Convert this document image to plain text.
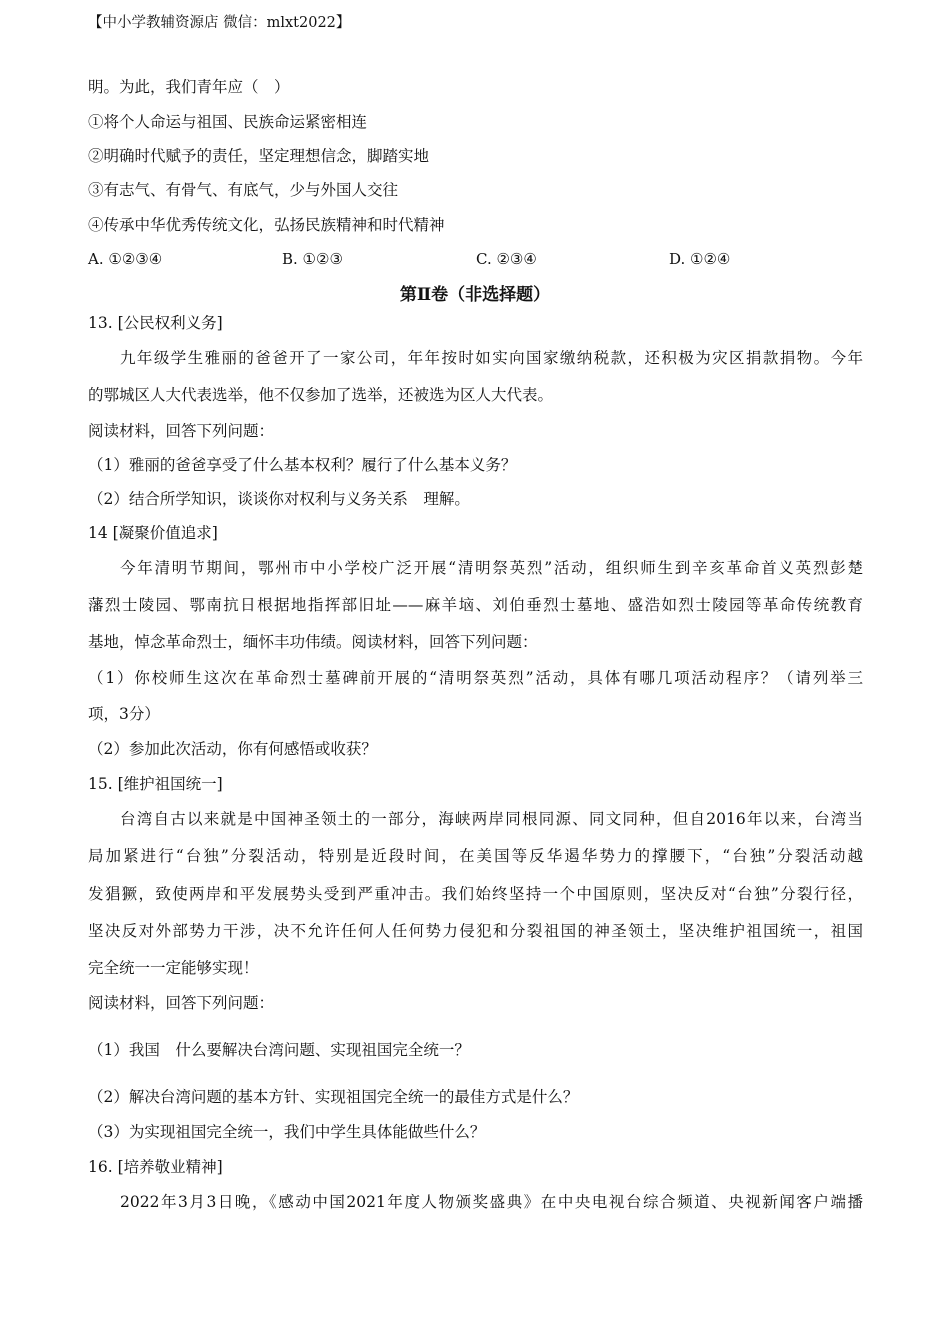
【中小学教辅资源店 微信：mlxt2022】
明。为此，我们青年应（　）
①将个人命运与祖国、民族命运紧密相连
②明确时代赋予的责任，坚定理想信念，脚踏实地
③有志气、有骨气、有底气，少与外国人交往
④传承中华优秀传统文化，弘扬民族精神和时代精神
A. ①②③④	B. ①②③	C. ②③④	D. ①②④
第Ⅱ卷（非选择题）
13. [公民权利义务]
九年级学生雅丽的爸爸开了一家公司，年年按时如实向国家缴纳税款，还积极为灾区捐款捐物。今年
的鄂城区人大代表选举，他不仅参加了选举，还被选为区人大代表。
阅读材料，回答下列问题：
（1）雅丽的爸爸享受了什么基本权利？履行了什么基本义务？
（2）结合所学知识，谈谈你对权利与义务关系　理解。
14 [凝聚价值追求]
今年清明节期间，鄂州市中小学校广泛开展“清明祭英烈”活动，组织师生到辛亥革命首义英烈彭楚
藩烈士陵园、鄂南抗日根据地指挥部旧址——麻羊垴、刘伯垂烈士墓地、盛浩如烈士陵园等革命传统教育
基地，悼念革命烈士，缅怀丰功伟绩。阅读材料，回答下列问题：
（1）你校师生这次在革命烈士墓碑前开展的“清明祭英烈”活动，具体有哪几项活动程序？（请列举三
项，3分）
（2）参加此次活动，你有何感悟或收获？
15. [维护祖国统一]
台湾自古以来就是中国神圣领土的一部分，海峡两岸同根同源、同文同种，但自2016年以来，台湾当
局加紧进行“台独”分裂活动，特别是近段时间，在美国等反华遏华势力的撑腰下，“台独”分裂活动越
发猖獗，致使两岸和平发展势头受到严重冲击。我们始终坚持一个中国原则，坚决反对“台独”分裂行径，
坚决反对外部势力干涉，决不允许任何人任何势力侵犯和分裂祖国的神圣领土，坚决维护祖国统一，祖国
完全统一一定能够实现！
阅读材料，回答下列问题：
（1）我国　什么要解决台湾问题、实现祖国完全统一？
（2）解决台湾问题的基本方针、实现祖国完全统一的最佳方式是什么？
（3）为实现祖国完全统一，我们中学生具体能做些什么？
16. [培养敬业精神]
2022年3月3日晚，《感动中国2021年度人物颁奖盛典》在中央电视台综合频道、央视新闻客户端播
